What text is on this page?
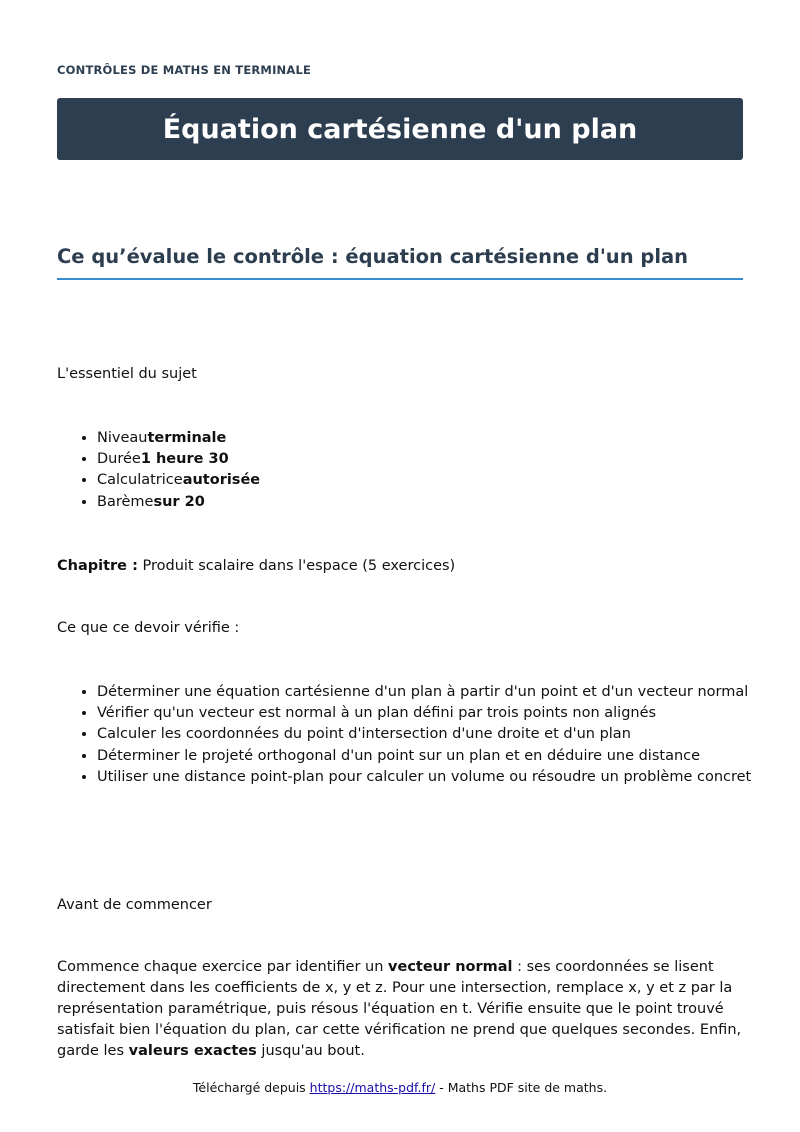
CONTRÔLES DE MATHS EN TERMINALE
Équation cartésienne d'un plan
Ce qu’évalue le contrôle : équation cartésienne d'un plan

L'essentiel du sujet

• Niveauterminale
• Durée1 heure 30
• Calculatriceautorisée
• Barèmesur 20

Chapitre : Produit scalaire dans l'espace (5 exercices)

Ce que ce devoir vérifie :

• Déterminer une équation cartésienne d'un plan à partir d'un point et d'un vecteur normal
• Vérifier qu'un vecteur est normal à un plan défini par trois points non alignés
• Calculer les coordonnées du point d'intersection d'une droite et d'un plan
• Déterminer le projeté orthogonal d'un point sur un plan et en déduire une distance
• Utiliser une distance point-plan pour calculer un volume ou résoudre un problème concret

Avant de commencer

Commence chaque exercice par identifier un vecteur normal : ses coordonnées se lisent directement dans les coefficients de x, y et z. Pour une intersection, remplace x, y et z par la représentation paramétrique, puis résous l'équation en t. Vérifie ensuite que le point trouvé satisfait bien l'équation du plan, car cette vérification ne prend que quelques secondes. Enfin, garde les valeurs exactes jusqu'au bout.

Téléchargé depuis https://maths-pdf.fr/ - Maths PDF site de maths.
